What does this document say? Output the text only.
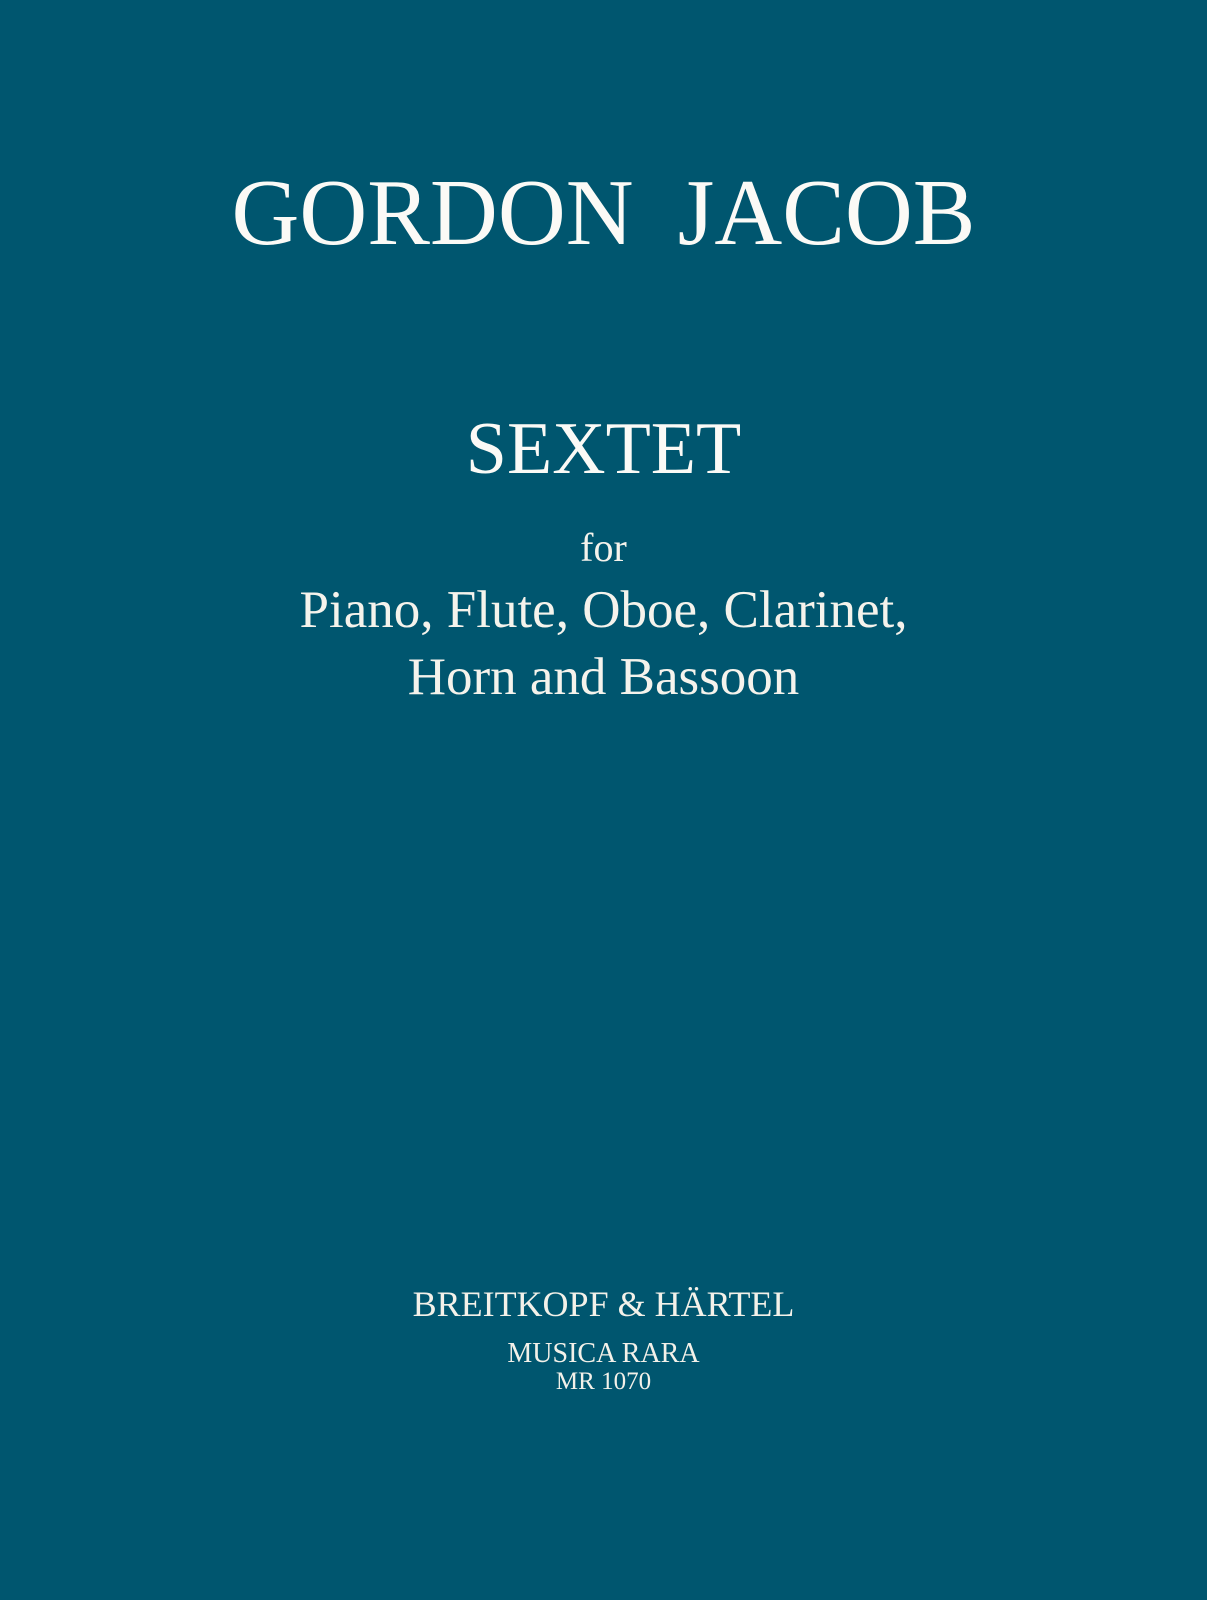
GORDON JACOB
SEXTET
for
Piano, Flute, Oboe, Clarinet,
Horn and Bassoon
BREITKOPF & HÄRTEL
MUSICA RARA
MR 1070
